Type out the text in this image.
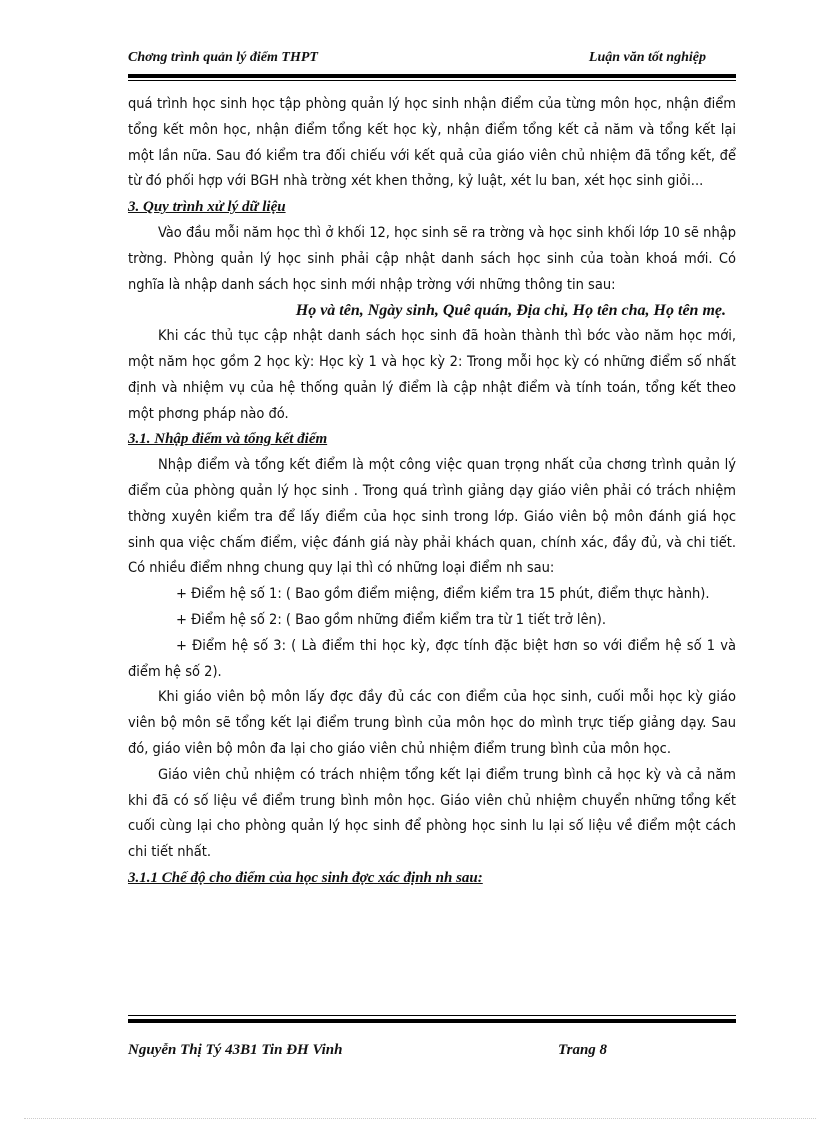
Chơng trình quản lý điểm THPT	Luận văn tốt nghiệp

quá trình học sinh học tập phòng quản lý học sinh nhận điểm của từng môn học, nhận điểm tổng kết môn học, nhận điểm tổng kết học kỳ, nhận điểm tổng kết cả năm và tổng kết lại một lần nữa. Sau đó kiểm tra đối chiếu với kết quả của giáo viên chủ nhiệm đã tổng kết, để từ đó phối hợp với BGH nhà trờng xét khen thởng, kỷ luật, xét lu ban, xét học sinh giỏi...

3. Quy trình xử lý dữ liệu

Vào đầu mỗi năm học thì ở khối 12, học sinh sẽ ra trờng và học sinh khối lớp 10 sẽ nhập trờng. Phòng quản lý học sinh phải cập nhật danh sách học sinh của toàn khoá mới. Có nghĩa là nhập danh sách học sinh mới nhập trờng với những thông tin sau:

Họ và tên, Ngày sinh, Quê quán, Địa chỉ, Họ tên cha, Họ tên mẹ.

Khi các thủ tục cập nhật danh sách học sinh đã hoàn thành thì bớc vào năm học mới, một năm học gồm 2 học kỳ: Học kỳ 1 và học kỳ 2: Trong mỗi học kỳ có những điểm số nhất định và nhiệm vụ của hệ thống quản lý điểm là cập nhật điểm và tính toán, tổng kết theo một phơng pháp nào đó.

3.1. Nhập điểm và tổng kết điểm

Nhập điểm và tổng kết điểm là một công việc quan trọng nhất của chơng trình quản lý điểm của phòng quản lý học sinh . Trong quá trình giảng dạy giáo viên phải có trách nhiệm thờng xuyên kiểm tra để lấy điểm của học sinh trong lớp. Giáo viên bộ môn đánh giá học sinh qua việc chấm điểm, việc đánh giá này phải khách quan, chính xác, đầy đủ, và chi tiết. Có nhiều điểm nhng chung quy lại thì có những loại điểm nh sau:

+ Điểm hệ số 1: ( Bao gồm điểm miệng, điểm kiểm tra 15 phút, điểm thực hành).

+ Điểm hệ số 2: ( Bao gồm những điểm kiểm tra từ 1 tiết trở lên).

+ Điểm hệ số 3: ( Là điểm thi học kỳ, đợc tính đặc biệt hơn so với điểm hệ số 1 và điểm hệ số 2).

Khi giáo viên bộ môn lấy đợc đầy đủ các con điểm của học sinh, cuối mỗi học kỳ giáo viên bộ môn sẽ tổng kết lại điểm trung bình của môn học do mình trực tiếp giảng dạy. Sau đó, giáo viên bộ môn đa lại cho giáo viên chủ nhiệm điểm trung bình của môn học.

Giáo viên chủ nhiệm có trách nhiệm tổng kết lại điểm trung bình cả học kỳ và cả năm khi đã có số liệu về điểm trung bình môn học. Giáo viên chủ nhiệm chuyển những tổng kết cuối cùng lại cho phòng quản lý học sinh để phòng học sinh lu lại số liệu về điểm một cách chi tiết nhất.

3.1.1 Chế độ cho điểm của học sinh đợc xác định nh sau:

Nguyễn Thị Tý 43B1 Tin ĐH Vinh	Trang 8
